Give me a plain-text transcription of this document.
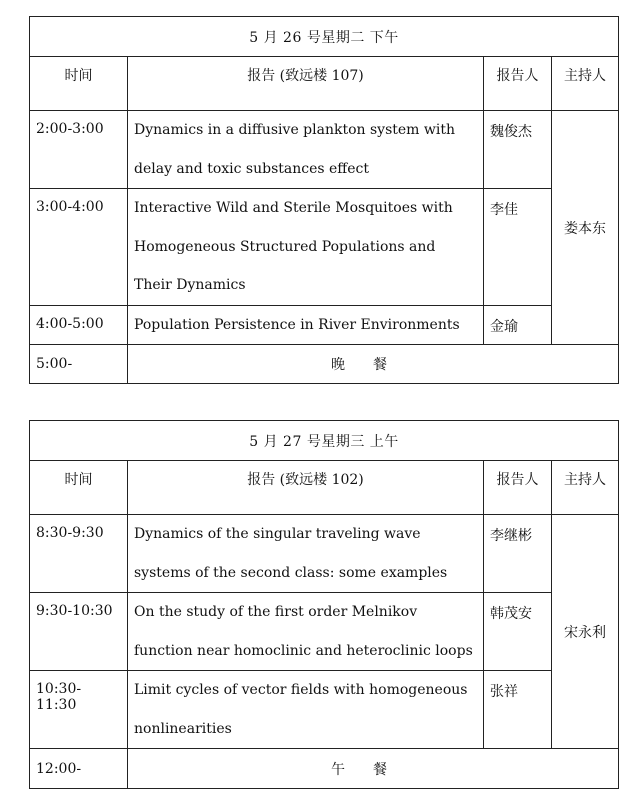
5 月 26 号星期二 下午			
时间	报告 (致远楼 107)	报告人	主持人
2:00-3:00	Dynamics in a diffusive plankton system with delay and toxic substances effect	魏俊杰	娄本东
3:00-4:00	Interactive Wild and Sterile Mosquitoes with Homogeneous Structured Populations and Their Dynamics	李佳	
4:00-5:00	Population Persistence in River Environments	金瑜	
5:00-	晚餐		
5 月 27 号星期三 上午			
时间	报告 (致远楼 102)	报告人	主持人
8:30-9:30	Dynamics of the singular traveling wave systems of the second class: some examples	李继彬	宋永利
9:30-10:30	On the study of the first order Melnikov function near homoclinic and heteroclinic loops	韩茂安	
10:30-11:30	Limit cycles of vector fields with homogeneous nonlinearities	张祥	
12:00-	午餐		
